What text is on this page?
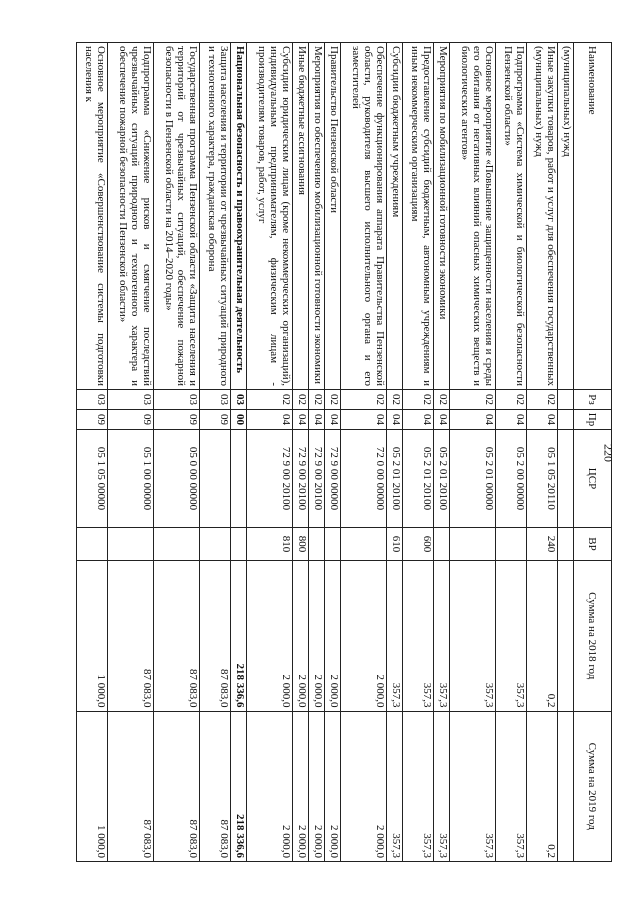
220
Наименование	Рз	Пр	ЦСР	ВР	Сумма на 2018 год	Сумма на 2019 год
(муниципальных) нужд						
Иные закупки товаров, работ и услуг для обеспечения государственных (муниципальных) нужд	02	04	05 1 05 20110	240	0,2	0,2
Подпрограмма «Система химической и биологической безопасности Пензенской области»	02	04	05 2 00 00000		357,3	357,3
Основное мероприятие «Повышение защищенности населения и среды его обитания от негативных влияний опасных химических веществ и биологических агентов»	02	04	05 2 01 00000		357,3	357,3
Мероприятия по мобилизационной готовности экономики	02	04	05 2 01 20100		357,3	357,3
Предоставление субсидий бюджетным, автономным учреждениям и иным некоммерческим организациям	02	04	05 2 01 20100	600	357,3	357,3
Субсидии бюджетным учреждениям	02	04	05 2 01 20100	610	357,3	357,3
Обеспечение функционирования аппарата Правительства Пензенской области, руководителя высшего исполнительного органа и его заместителей	02	04	72 0 00 00000		2 000,0	2 000,0
Правительство Пензенской области	02	04	72 9 00 00000		2 000,0	2 000,0
Мероприятия по обеспечению мобилизационной готовности экономики	02	04	72 9 00 20100		2 000,0	2 000,0
Иные бюджетные ассигнования	02	04	72 9 00 20100	800	2 000,0	2 000,0
Субсидии юридическим лицам (кроме некоммерческих организаций), индивидуальным предпринимателям, физическим лицам - производителям товаров, работ, услуг	02	04	72 9 00 20100	810	2 000,0	2 000,0
Национальная безопасность и правоохранительная деятельность	03	00			218 336,6	218 336,6
Защита населения и территории от чрезвычайных ситуаций природного и техногенного характера, гражданская оборона	03	09			87 083,0	87 083,0
Государственная программа Пензенской области «Защита населения и территорий от чрезвычайных ситуаций, обеспечение пожарной безопасности в Пензенской области на 2014–2020 годы»	03	09	05 0 00 00000		87 083,0	87 083,0
Подпрограмма «Снижение рисков и смягчение последствий чрезвычайных ситуаций природного и техногенного характера и обеспечение пожарной безопасности Пензенской области»	03	09	05 1 00 00000		87 083,0	87 083,0
Основное мероприятие «Совершенствование системы подготовки населения к	03	09	05 1 05 00000		1 000,0	1 000,0
